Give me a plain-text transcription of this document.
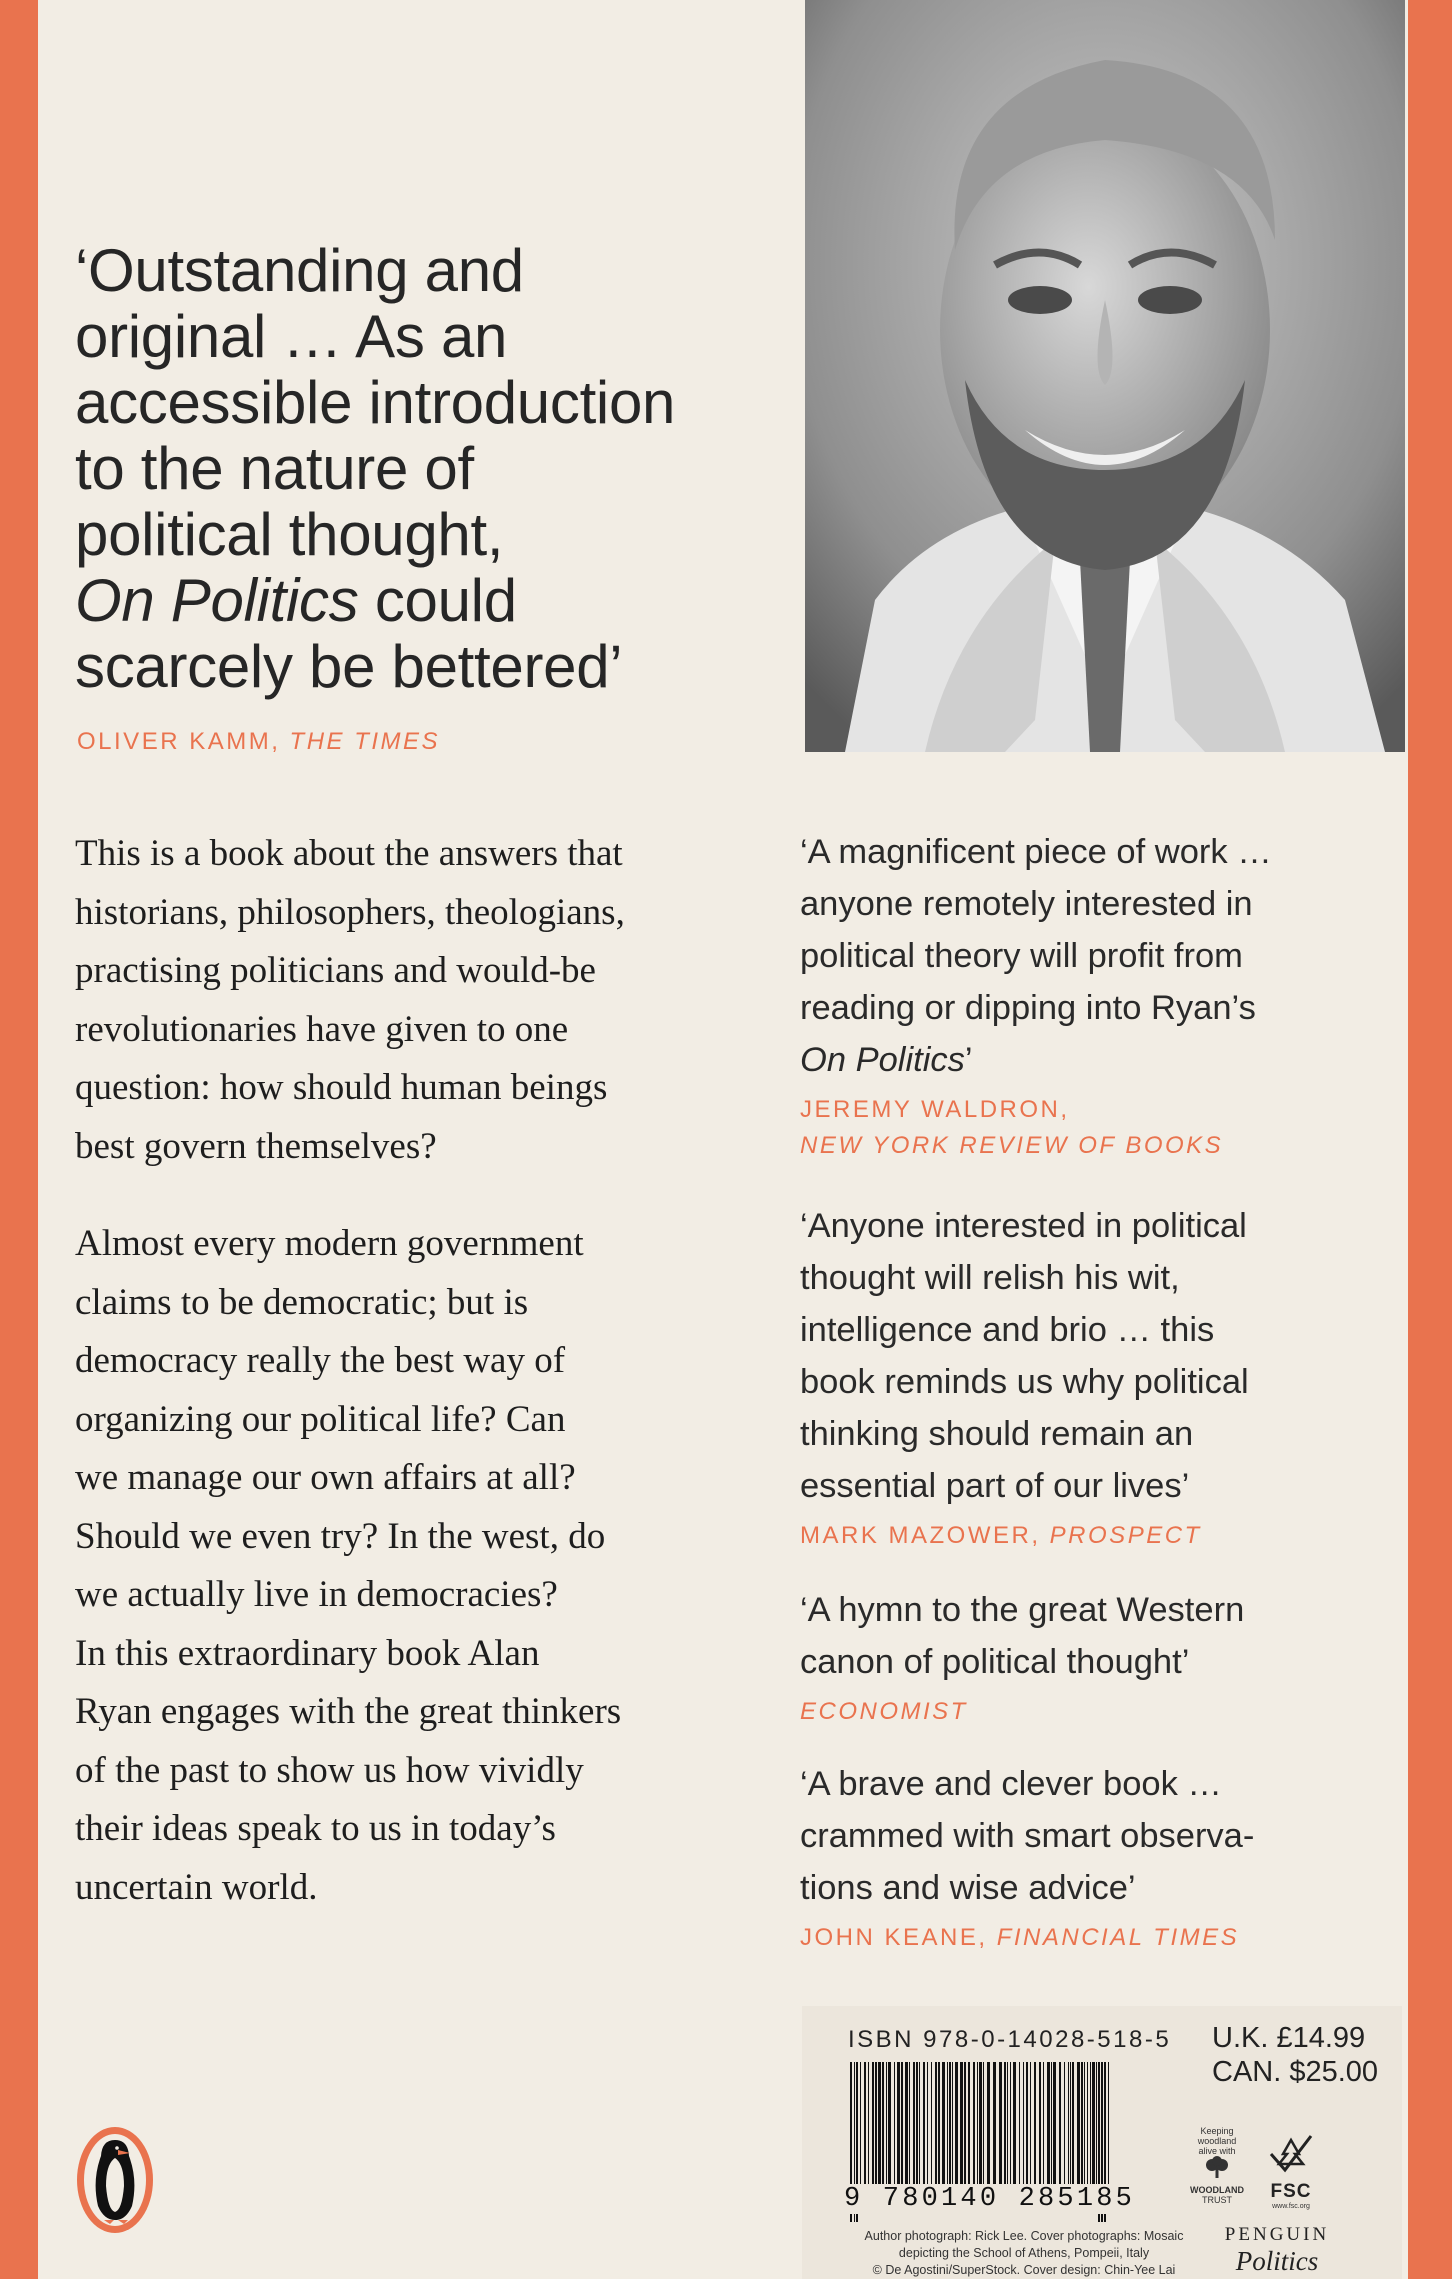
‘Outstanding and
original … As an
accessible introduction
to the nature of
political thought,
On Politics could
scarcely be bettered’
OLIVER KAMM, THE TIMES
This is a book about the answers that
historians, philosophers, theologians,
practising politicians and would-be
revolutionaries have given to one
question: how should human beings
best govern themselves?
Almost every modern government
claims to be democratic; but is
democracy really the best way of
organizing our political life? Can
we manage our own affairs at all?
Should we even try? In the west, do
we actually live in democracies?
In this extraordinary book Alan
Ryan engages with the great thinkers
of the past to show us how vividly
their ideas speak to us in today’s
uncertain world.
‘A magnificent piece of work …
anyone remotely interested in
political theory will profit from
reading or dipping into Ryan’s
On Politics’
JEREMY WALDRON,
NEW YORK REVIEW OF BOOKS
‘Anyone interested in political
thought will relish his wit,
intelligence and brio … this
book reminds us why political
thinking should remain an
essential part of our lives’
MARK MAZOWER, PROSPECT
‘A hymn to the great Western
canon of political thought’
ECONOMIST
‘A brave and clever book …
crammed with smart observa-
tions and wise advice’
JOHN KEANE, FINANCIAL TIMES
ISBN 978-0-14028-518-5 U.K. £14.99
CAN. $25.00
9 780140 285185
Author photograph: Rick Lee. Cover photographs: Mosaic
depicting the School of Athens, Pompeii, Italy
© De Agostini/SuperStock. Cover design: Chin-Yee Lai
Keeping
woodland
alive with
WOODLAND
TRUST	FSC
www.fsc.org
PENGUIN
Politics
